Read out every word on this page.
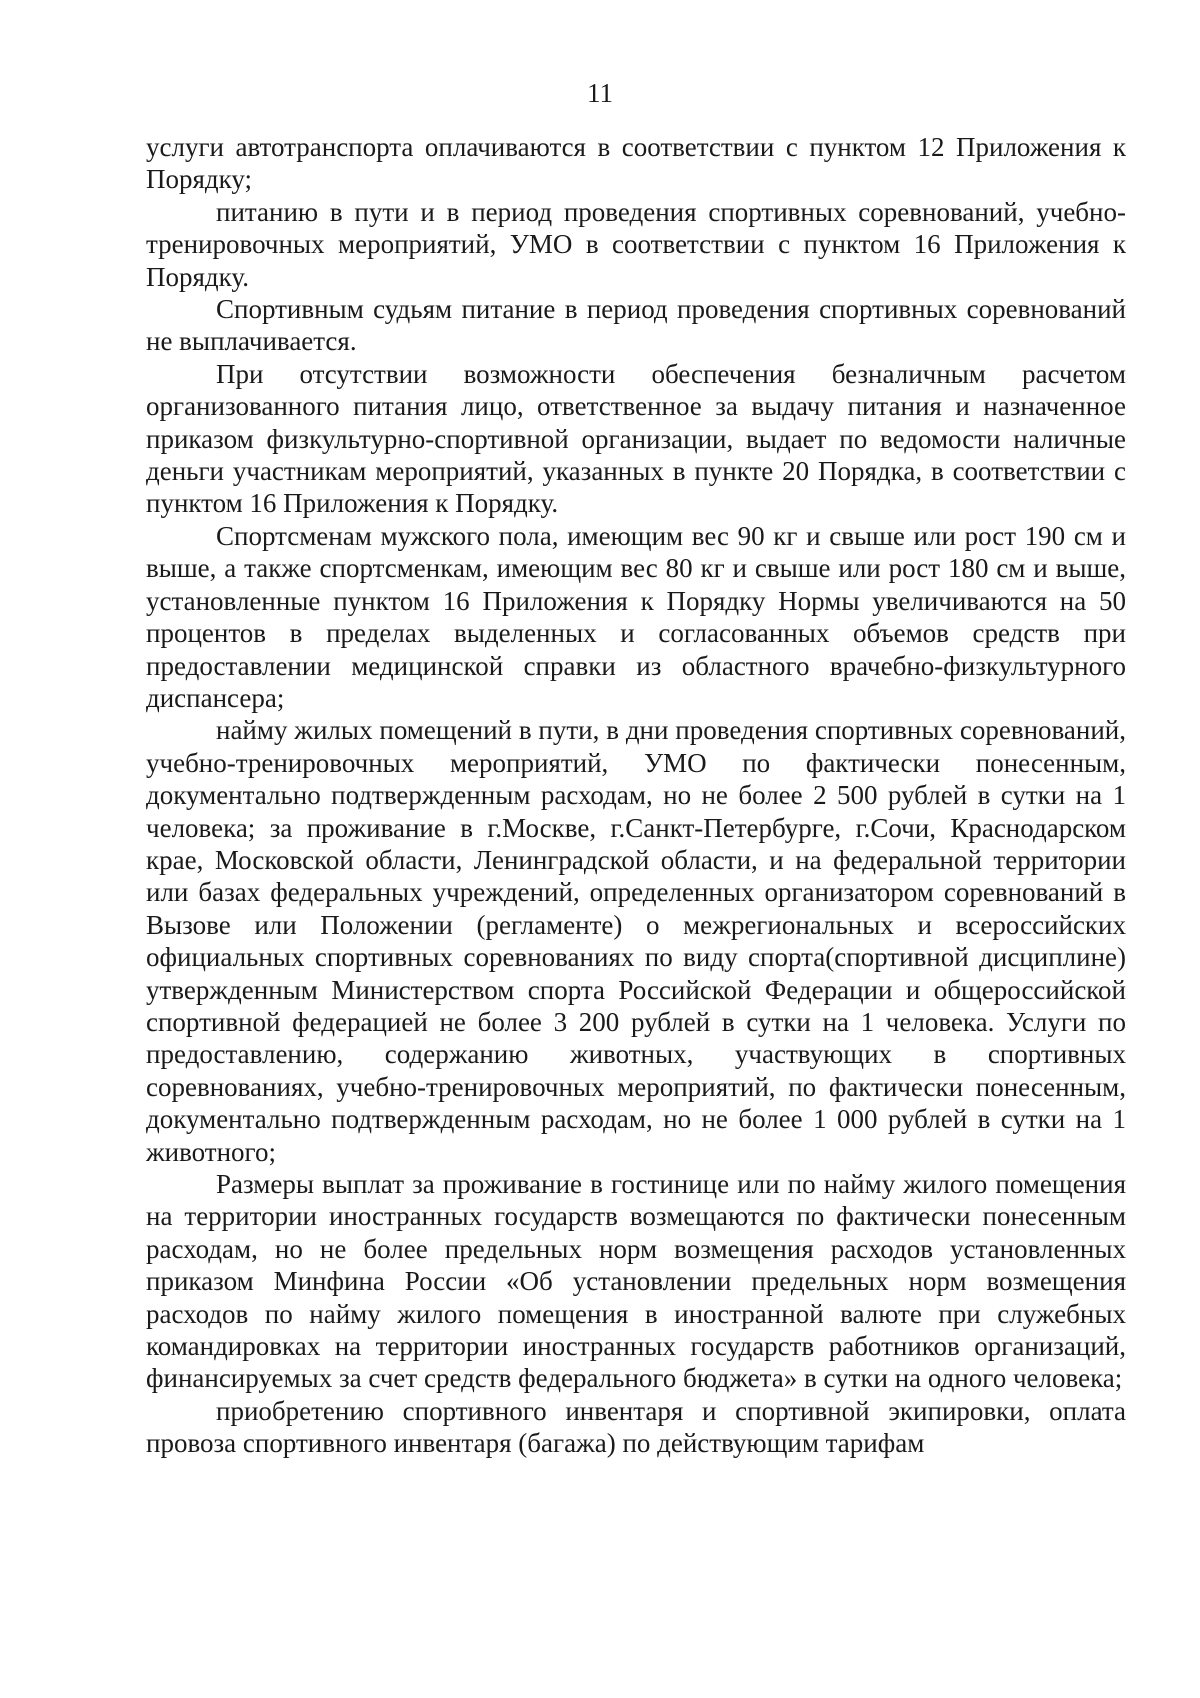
11

услуги автотранспорта оплачиваются в соответствии с пунктом 12 Приложения к Порядку;

питанию в пути и в период проведения спортивных соревнований, учебно-тренировочных мероприятий, УМО в соответствии с пунктом 16 Приложения к Порядку.

Спортивным судьям питание в период проведения спортивных соревнований не выплачивается.

При отсутствии возможности обеспечения безналичным расчетом организованного питания лицо, ответственное за выдачу питания и назначенное приказом физкультурно-спортивной организации, выдает по ведомости наличные деньги участникам мероприятий, указанных в пункте 20 Порядка, в соответствии с пунктом 16 Приложения к Порядку.

Спортсменам мужского пола, имеющим вес 90 кг и свыше или рост 190 см и выше, а также спортсменкам, имеющим вес 80 кг и свыше или рост 180 см и выше, установленные пунктом 16 Приложения к Порядку Нормы увеличиваются на 50 процентов в пределах выделенных и согласованных объемов средств при предоставлении медицинской справки из областного врачебно-физкультурного диспансера;

найму жилых помещений в пути, в дни проведения спортивных соревнований, учебно-тренировочных мероприятий, УМО по фактически понесенным, документально подтвержденным расходам, но не более 2 500 рублей в сутки на 1 человека; за проживание в г.Москве, г.Санкт-Петербурге, г.Сочи, Краснодарском крае, Московской области, Ленинградской области, и на федеральной территории или базах федеральных учреждений, определенных организатором соревнований в Вызове или Положении (регламенте) о межрегиональных и всероссийских официальных спортивных соревнованиях по виду спорта(спортивной дисциплине) утвержденным Министерством спорта Российской Федерации и общероссийской спортивной федерацией не более 3 200 рублей в сутки на 1 человека. Услуги по предоставлению, содержанию животных, участвующих в спортивных соревнованиях, учебно-тренировочных мероприятий, по фактически понесенным, документально подтвержденным расходам, но не более 1 000 рублей в сутки на 1 животного;

Размеры выплат за проживание в гостинице или по найму жилого помещения на территории иностранных государств возмещаются по фактически понесенным расходам, но не более предельных норм возмещения расходов установленных приказом Минфина России «Об установлении предельных норм возмещения расходов по найму жилого помещения в иностранной валюте при служебных командировках на территории иностранных государств работников организаций, финансируемых за счет средств федерального бюджета» в сутки на одного человека;

приобретению спортивного инвентаря и спортивной экипировки, оплата провоза спортивного инвентаря (багажа) по действующим тарифам
